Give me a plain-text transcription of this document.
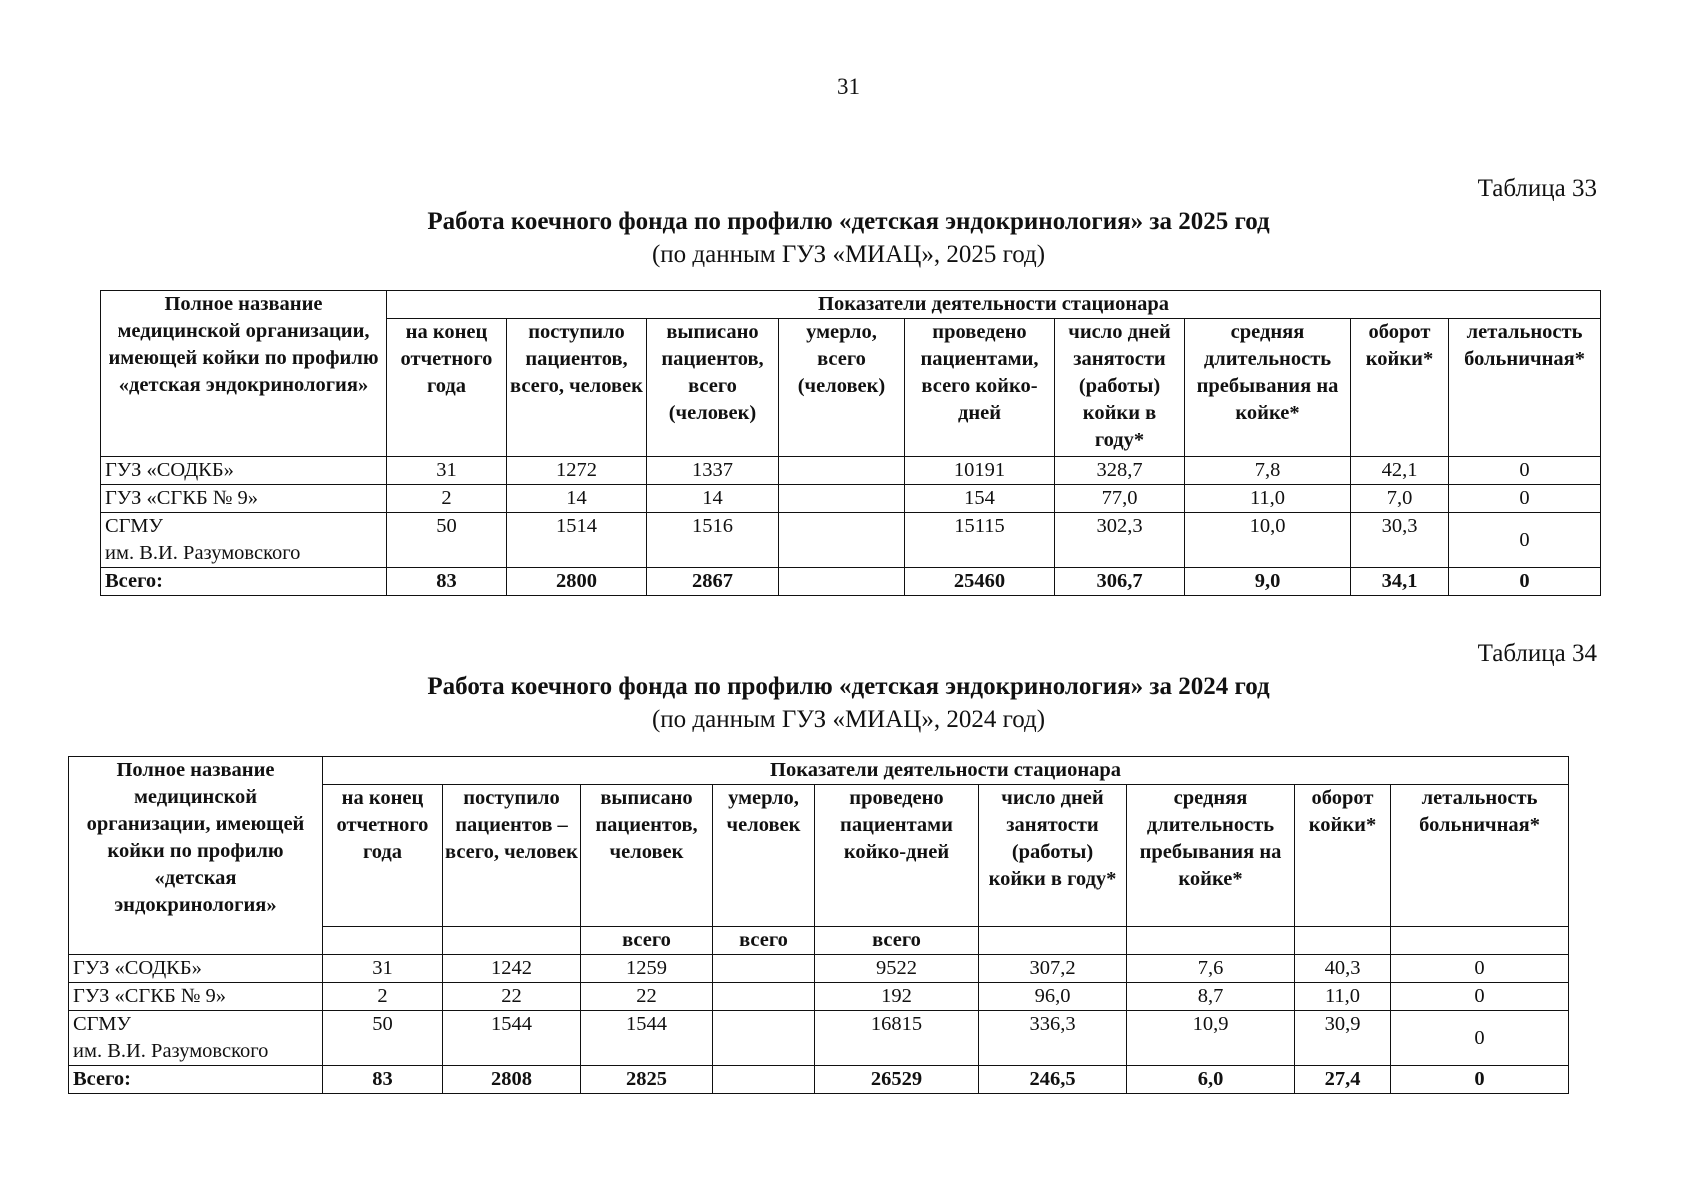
31
Таблица 33
Работа коечного фонда по профилю «детская эндокринология» за 2025 год
(по данным ГУЗ «МИАЦ», 2025 год)
Полное название медицинской организации, имеющей койки по профилю «детская эндокринология»	Показатели деятельности стационара								
	на конец отчетного года	поступило пациентов, всего, человек	выписано пациентов, всего (человек)	умерло, всего (человек)	проведено пациентами, всего койко-дней	число дней занятости (работы) койки в году*	средняя длительность пребывания на койке*	оборот койки*	летальность больничная*
ГУЗ «СОДКБ»	31	1272	1337		10191	328,7	7,8	42,1	0
ГУЗ «СГКБ № 9»	2	14	14		154	77,0	11,0	7,0	0
СГМУ
им. В.И. Разумовского	50	1514	1516		15115	302,3	10,0	30,3	0
Всего:	83	2800	2867		25460	306,7	9,0	34,1	0
Таблица 34
Работа коечного фонда по профилю «детская эндокринология» за 2024 год
(по данным ГУЗ «МИАЦ», 2024 год)
Полное название медицинской организации, имеющей койки по профилю «детская эндокринология»	Показатели деятельности стационара								
	на конец отчетного года	поступило пациентов – всего, человек	выписано пациентов, человек	умерло, человек	проведено пациентами койко-дней	число дней занятости (работы) койки в году*	средняя длительность пребывания на койке*	оборот койки*	летальность больничная*
			всего	всего	всего				
ГУЗ «СОДКБ»	31	1242	1259		9522	307,2	7,6	40,3	0
ГУЗ «СГКБ № 9»	2	22	22		192	96,0	8,7	11,0	0
СГМУ
им. В.И. Разумовского	50	1544	1544		16815	336,3	10,9	30,9	0
Всего:	83	2808	2825		26529	246,5	6,0	27,4	0
